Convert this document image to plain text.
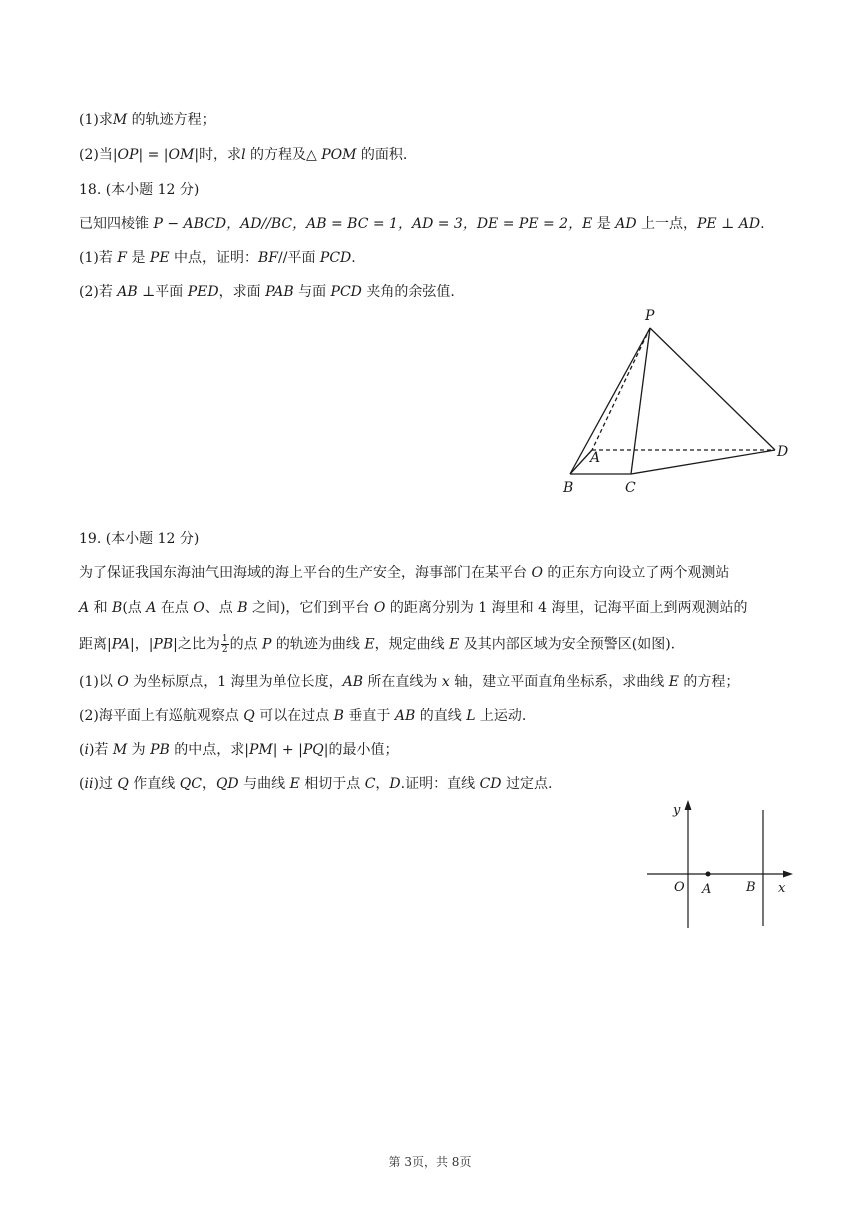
(1)求M 的轨迹方程；
(2)当|OP| = |OM|时，求l 的方程及△ POM 的面积.
18. (本小题 12 分)
已知四棱锥 P − ABCD，AD//BC，AB = BC = 1，AD = 3，DE = PE = 2，E 是 AD 上一点，PE ⊥ AD.
(1)若 F 是 PE 中点，证明：BF//平面 PCD.
(2)若 AB ⊥平面 PED，求面 PAB 与面 PCD 夹角的余弦值.
P
A
B	C
D
19. (本小题 12 分)
为了保证我国东海油气田海域的海上平台的生产安全，海事部门在某平台 O 的正东方向设立了两个观测站
A 和 B(点 A 在点 O、点 B 之间)，它们到平台 O 的距离分别为 1 海里和 4 海里，记海平面上到两观测站的
距离|PA|，|PB|之比为 $\frac{1}{2}$ 的点 P 的轨迹为曲线 E，规定曲线 E 及其内部区域为安全预警区(如图).
(1)以 O 为坐标原点，1 海里为单位长度，AB 所在直线为 x 轴，建立平面直角坐标系，求曲线 E 的方程；
(2)海平面上有巡航观察点 Q 可以在过点 B 垂直于 AB 的直线 L 上运动.
(i)若 M 为 PB 的中点，求|PM| + |PQ|的最小值；
(ii)过 Q 作直线 QC，QD 与曲线 E 相切于点 C，D.证明：直线 CD 过定点.
y
x
O A	B
第 3页，共 8页
